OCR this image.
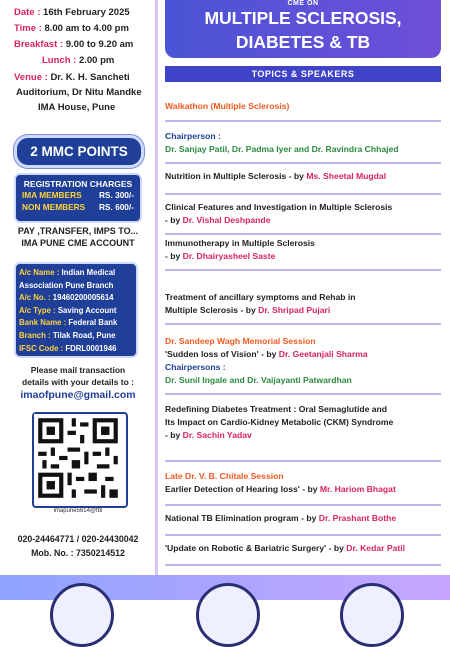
Date : 16th February 2025
Time : 8.00 am to 4.00 pm
Breakfast : 9.00 to 9.20 am
Lunch : 2.00 pm
Venue : Dr. K. H. Sancheti
Auditorium, Dr Nitu Mandke
IMA House, Pune
2 MMC POINTS
REGISTRATION CHARGES
IMA MEMBERS RS. 300/-
NON MEMBERS RS. 600/-
PAY ,TRANSFER, IMPS TO...
IMA PUNE CME ACCOUNT
A/c Name : Indian Medical
Association Pune Branch
A/c No. : 19460200005614
A/c Type : Saving Account
Bank Name : Federal Bank
Branch : Tilak Road, Pune
IFSC Code : FDRL0001946
Please mail transaction
details with your details to :
imaofpune@gmail.com
imapune5614@fbl
020-24464771 / 020-24430042
Mob. No. : 7350214512
CME ON
MULTIPLE SCLEROSIS,
DIABETES & TB
TOPICS & SPEAKERS
Walkathon (Multiple Sclerosis)
Chairperson :
Dr. Sanjay Patil, Dr. Padma Iyer and Dr. Ravindra Chhajed
Nutrition in Multiple Sclerosis - by Ms. Sheetal Mugdal
Clinical Features and Investigation in Multiple Sclerosis
- by Dr. Vishal Deshpande
Immunotherapy in Multiple Sclerosis
- by Dr. Dhairyasheel Saste
Treatment of ancillary symptoms and Rehab in
Multiple Sclerosis - by Dr. Shripad Pujari
Dr. Sandeep Wagh Memorial Session
'Sudden loss of Vision' - by Dr. Geetanjali Sharma
Chairpersons :
Dr. Sunil Ingale and Dr. Vaijayanti Patwardhan
Redefining Diabetes Treatment : Oral Semaglutide and
Its Impact on Cardio-Kidney Metabolic (CKM) Syndrome
- by Dr. Sachin Yadav
Late Dr. V. B. Chitale Session
Earlier Detection of Hearing loss' - by Mr. Hariom Bhagat
National TB Elimination program - by Dr. Prashant Bothe
'Update on Robotic & Bariatric Surgery' - by Dr. Kedar Patil
